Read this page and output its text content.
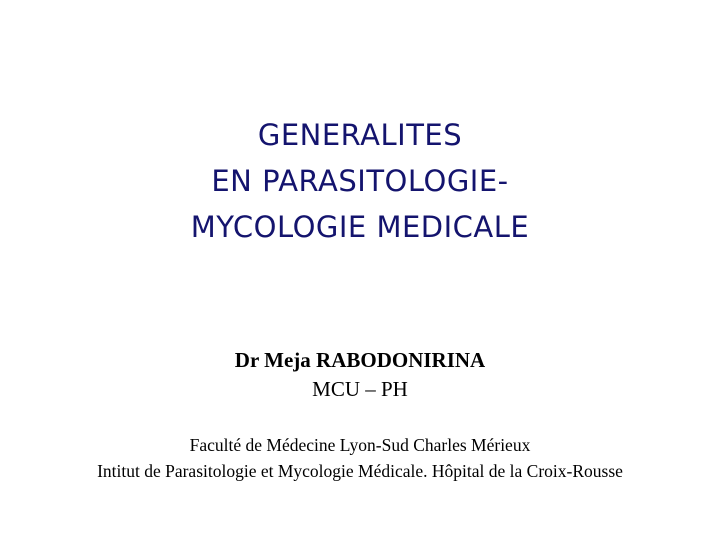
GENERALITES
EN PARASITOLOGIE-
MYCOLOGIE MEDICALE
Dr Meja RABODONIRINA
MCU – PH
Faculté de Médecine Lyon-Sud Charles Mérieux
Intitut de Parasitologie et Mycologie Médicale. Hôpital de la Croix-Rousse
